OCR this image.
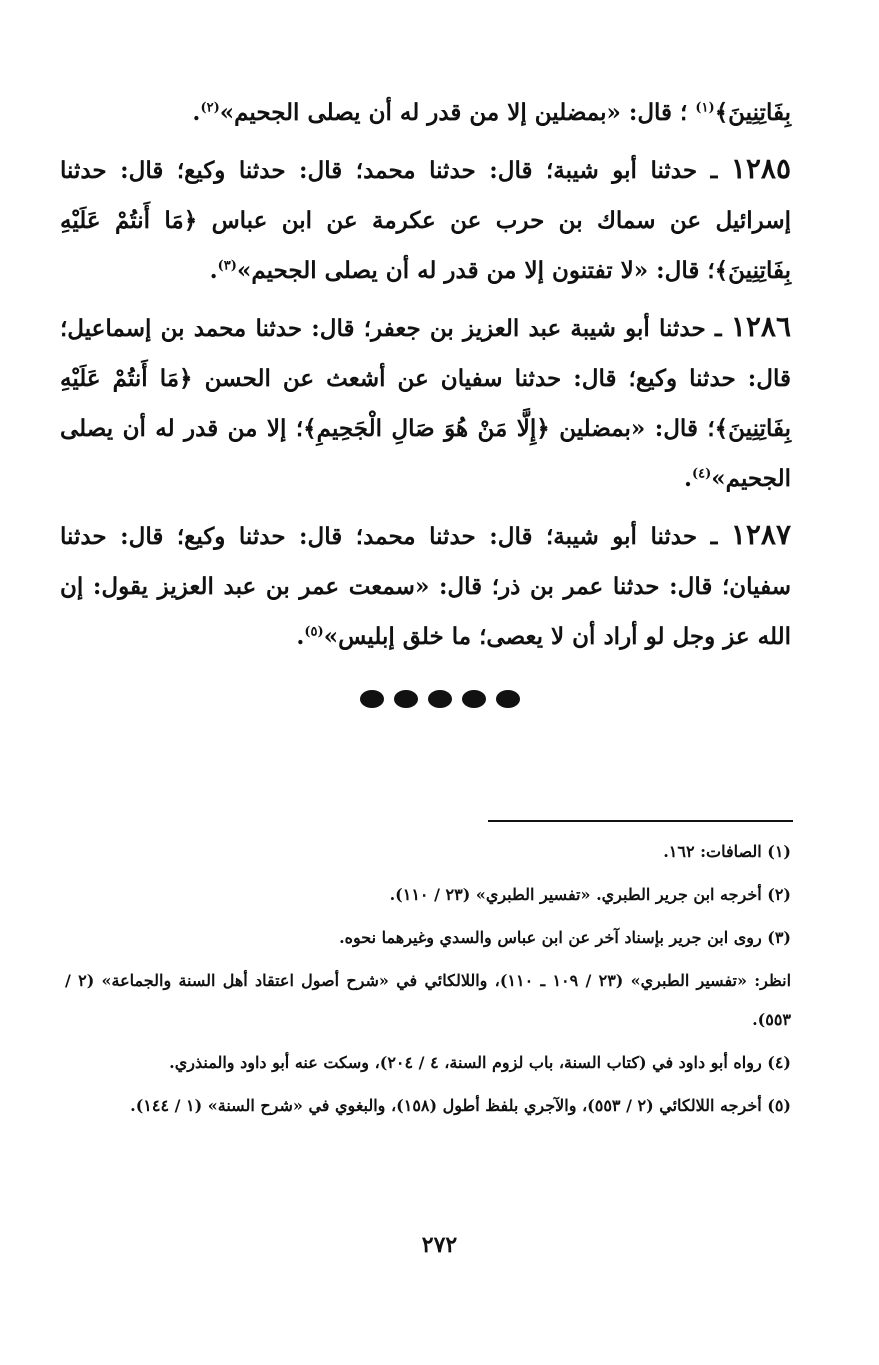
بِفَاتِنِينَ﴾$^{(١)}$ ؛ قال: «بمضلين إلا من قدر له أن يصلى الجحيم»$^{(٢)}$.

١٢٨٥ ـ حدثنا أبو شيبة؛ قال: حدثنا محمد؛ قال: حدثنا وكيع؛ قال: حدثنا إسرائيل عن سماك بن حرب عن عكرمة عن ابن عباس ﴿مَا أَنتُمْ عَلَيْهِ بِفَاتِنِينَ﴾؛ قال: «لا تفتنون إلا من قدر له أن يصلى الجحيم»$^{(٣)}$.

١٢٨٦ ـ حدثنا أبو شيبة عبد العزيز بن جعفر؛ قال: حدثنا محمد بن إسماعيل؛ قال: حدثنا وكيع؛ قال: حدثنا سفيان عن أشعث عن الحسن ﴿مَا أَنتُمْ عَلَيْهِ بِفَاتِنِينَ﴾؛ قال: «بمضلين ﴿إِلَّا مَنْ هُوَ صَالِ الْجَحِيمِ﴾؛ إلا من قدر له أن يصلى الجحيم»$^{(٤)}$.

١٢٨٧ ـ حدثنا أبو شيبة؛ قال: حدثنا محمد؛ قال: حدثنا وكيع؛ قال: حدثنا سفيان؛ قال: حدثنا عمر بن ذر؛ قال: «سمعت عمر بن عبد العزيز يقول: إن الله عز وجل لو أراد أن لا يعصى؛ ما خلق إبليس»$^{(٥)}$.

(١) الصافات: ١٦٢.

(٢) أخرجه ابن جرير الطبري. «تفسير الطبري» (٢٣ / ١١٠).

(٣) روى ابن جرير بإسناد آخر عن ابن عباس والسدي وغيرهما نحوه.

انظر: «تفسير الطبري» (٢٣ / ١٠٩ ـ ١١٠)، واللالكائي في «شرح أصول اعتقاد أهل السنة والجماعة» (٢ / ٥٥٣).

(٤) رواه أبو داود في (كتاب السنة، باب لزوم السنة، ٤ / ٢٠٤)، وسكت عنه أبو داود والمنذري.

(٥) أخرجه اللالكائي (٢ / ٥٥٣)، والآجري بلفظ أطول (١٥٨)، والبغوي في «شرح السنة» (١ / ١٤٤).

٢٧٢
